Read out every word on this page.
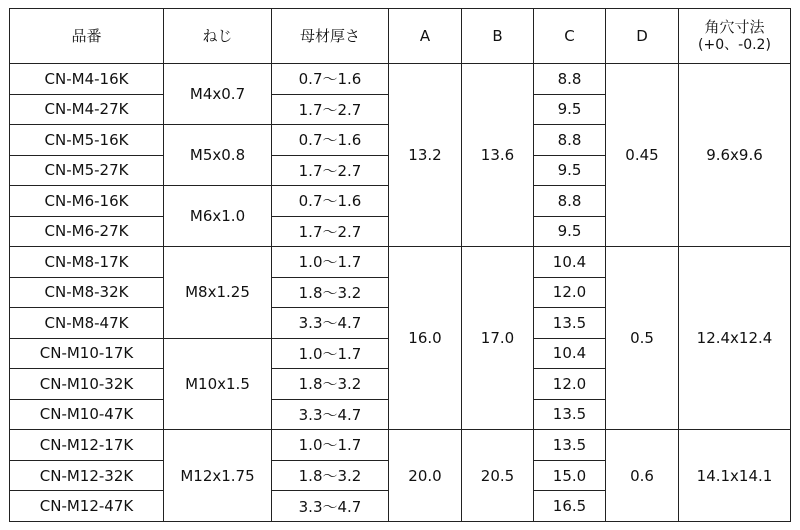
品番	ねじ	母材厚さ	A	B	C	D	角穴寸法
(+0、-0.2)

CN-M4-16K	M4x0.7	0.7～1.6	13.2	13.6	8.8	0.45	9.6x9.6
CN-M4-27K		1.7～2.7			9.5		
CN-M5-16K	M5x0.8	0.7～1.6			8.8		
CN-M5-27K		1.7～2.7			9.5		
CN-M6-16K	M6x1.0	0.7～1.6			8.8		
CN-M6-27K		1.7～2.7			9.5		
CN-M8-17K	M8x1.25	1.0～1.7	16.0	17.0	10.4	0.5	12.4x12.4
CN-M8-32K		1.8～3.2			12.0		
CN-M8-47K		3.3～4.7			13.5		
CN-M10-17K	M10x1.5	1.0～1.7			10.4		
CN-M10-32K		1.8～3.2			12.0		
CN-M10-47K		3.3～4.7			13.5		
CN-M12-17K	M12x1.75	1.0～1.7	20.0	20.5	13.5	0.6	14.1x14.1
CN-M12-32K		1.8～3.2			15.0		
CN-M12-47K		3.3～4.7			16.5		
